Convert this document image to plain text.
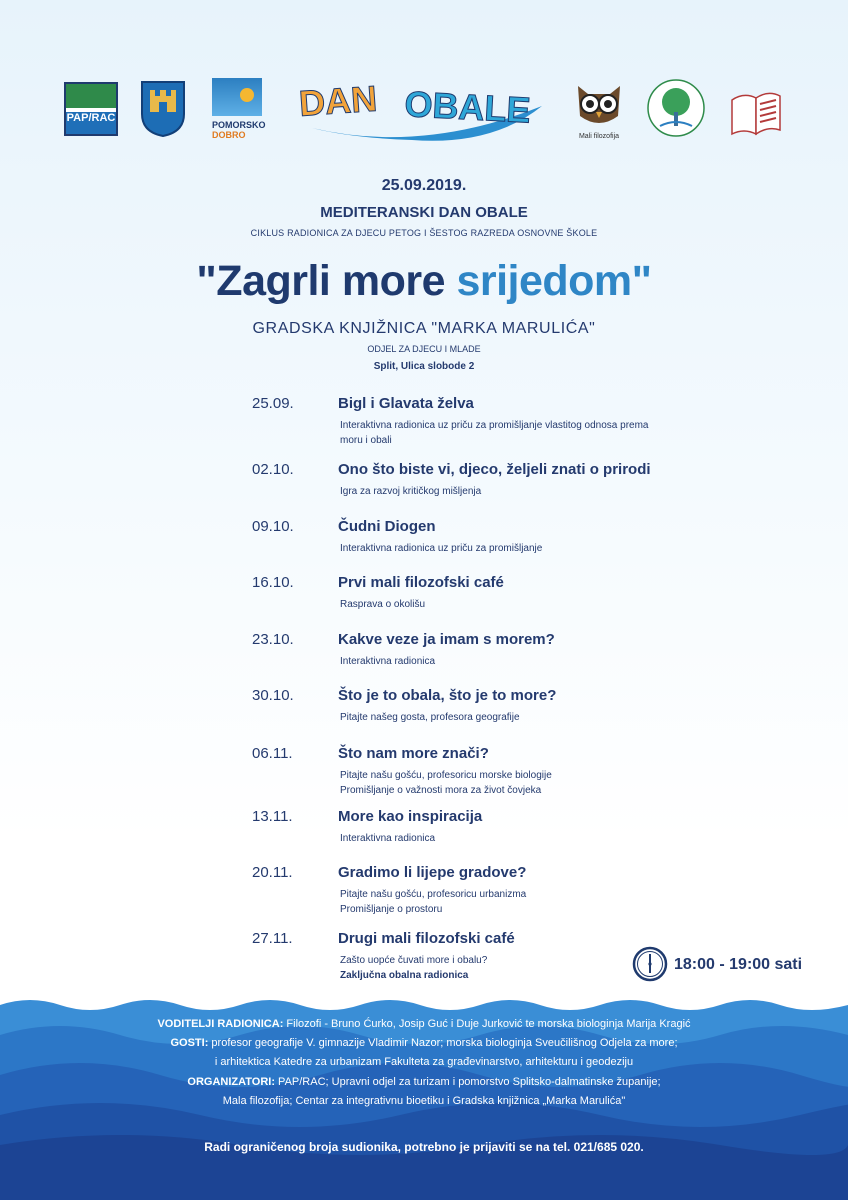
PAP/RAC
POMORSKO
DOBRO
DAN OBALE
Mali filozofija
25.09.2019.
MEDITERANSKI DAN OBALE
CIKLUS RADIONICA ZA DJECU PETOG I ŠESTOG RAZREDA OSNOVNE ŠKOLE
"Zagrli more srijedom"
GRADSKA KNJIŽNICA "MARKA MARULIĆA"
ODJEL ZA DJECU I MLADE
Split, Ulica slobode 2
25.09.	Bigl i Glavata želva
Interaktivna radionica uz priču za promišljanje vlastitog odnosa prema
moru i obali
02.10.	Ono što biste vi, djeco, željeli znati o prirodi
Igra za razvoj kritičkog mišljenja
09.10.	Čudni Diogen
Interaktivna radionica uz priču za promišljanje
16.10.	Prvi mali filozofski café
Rasprava o okolišu
23.10.	Kakve veze ja imam s morem?
Interaktivna radionica
30.10.	Što je to obala, što je to more?
Pitajte našeg gosta, profesora geografije
06.11.	Što nam more znači?
Pitajte našu gošću, profesoricu morske biologije
Promišljanje o važnosti mora za život čovjeka
13.11.	More kao inspiracija
Interaktivna radionica
20.11.	Gradimo li lijepe gradove?
Pitajte našu gošću, profesoricu urbanizma
Promišljanje o prostoru
27.11.	Drugi mali filozofski café
Zašto uopće čuvati more i obalu?
Zaključna obalna radionica
18:00 - 19:00 sati
VODITELJI RADIONICA: Filozofi - Bruno Ćurko, Josip Guć i Duje Jurković te morska biologinja Marija Kragić
GOSTI: profesor geografije V. gimnazije Vladimir Nazor; morska biologinja Sveučilišnog Odjela za more;
i arhitektica Katedre za urbanizam Fakulteta za građevinarstvo, arhitekturu i geodeziju
ORGANIZATORI: PAP/RAC; Upravni odjel za turizam i pomorstvo Splitsko-dalmatinske županije;
Mala filozofija; Centar za integrativnu bioetiku i Gradska knjižnica „Marka Marulića"
Radi ograničenog broja sudionika, potrebno je prijaviti se na tel. 021/685 020.
